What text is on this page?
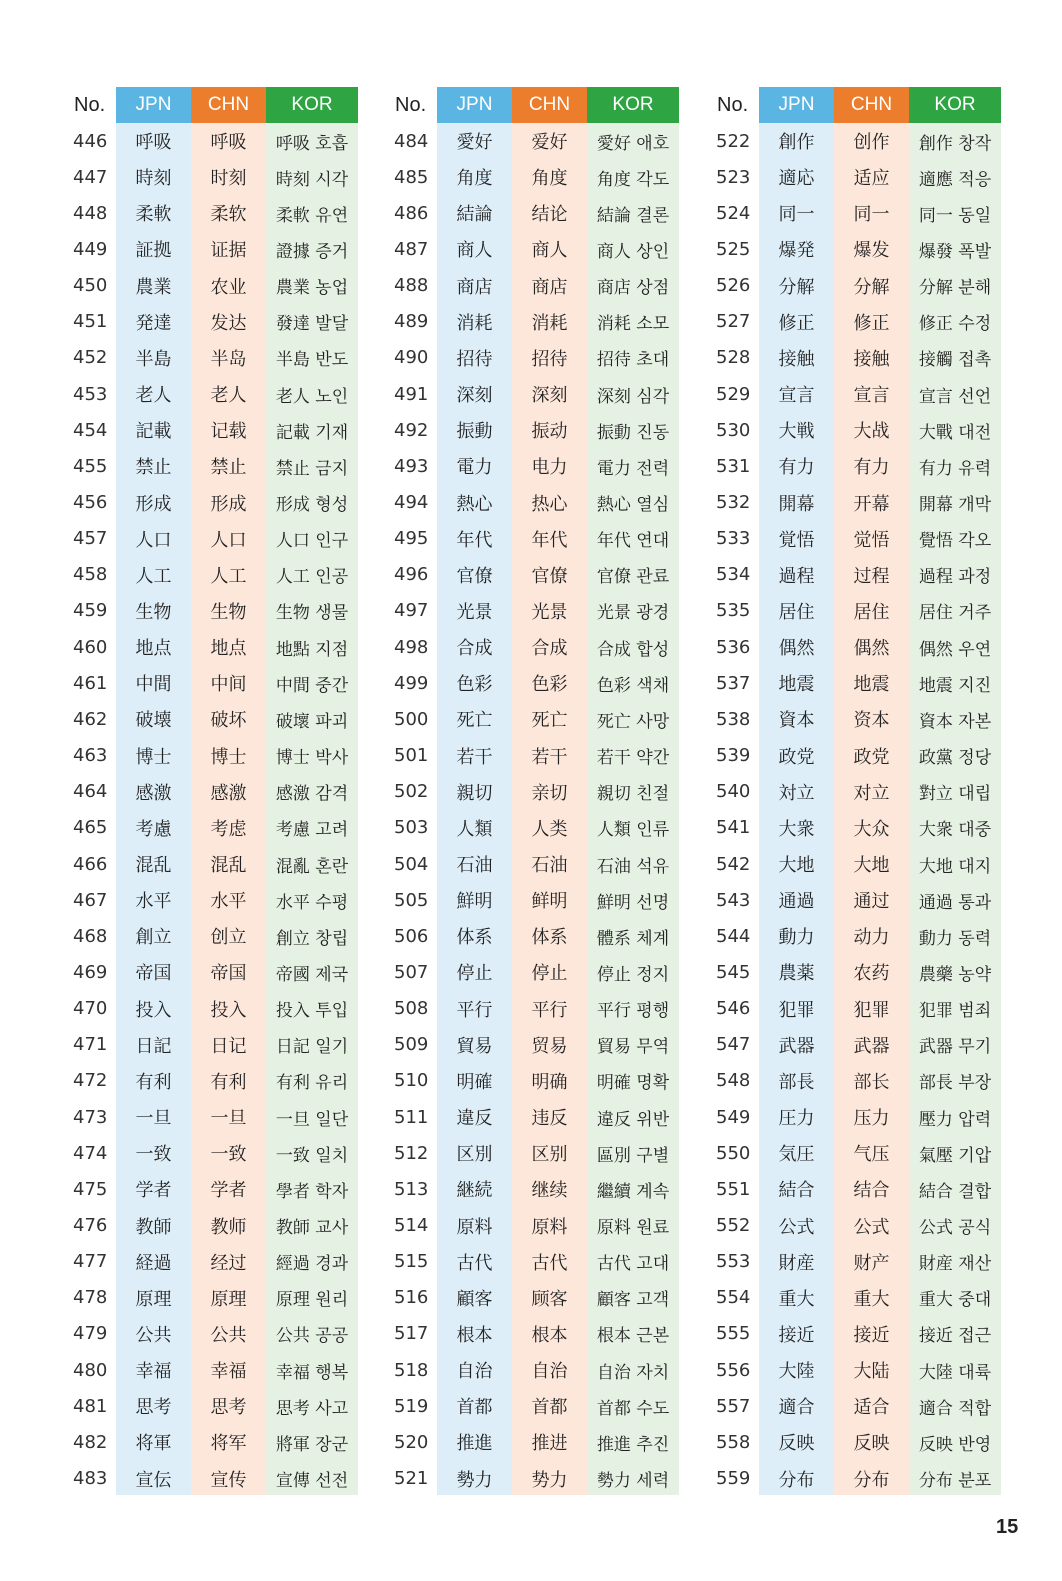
No.	JPN	CHN	KOR
446	呼吸	呼吸	呼吸 호흡
447	時刻	时刻	時刻 시각
448	柔軟	柔软	柔軟 유연
449	証拠	证据	證據 증거
450	農業	农业	農業 농업
451	発達	发达	發達 발달
452	半島	半岛	半島 반도
453	老人	老人	老人 노인
454	記載	记载	記載 기재
455	禁止	禁止	禁止 금지
456	形成	形成	形成 형성
457	人口	人口	人口 인구
458	人工	人工	人工 인공
459	生物	生物	生物 생물
460	地点	地点	地點 지점
461	中間	中间	中間 중간
462	破壊	破坏	破壞 파괴
463	博士	博士	博士 박사
464	感激	感激	感激 감격
465	考慮	考虑	考慮 고려
466	混乱	混乱	混亂 혼란
467	水平	水平	水平 수평
468	創立	创立	創立 창립
469	帝国	帝国	帝國 제국
470	投入	投入	投入 투입
471	日記	日记	日記 일기
472	有利	有利	有利 유리
473	一旦	一旦	一旦 일단
474	一致	一致	一致 일치
475	学者	学者	學者 학자
476	教師	教师	教師 교사
477	経過	经过	經過 경과
478	原理	原理	原理 원리
479	公共	公共	公共 공공
480	幸福	幸福	幸福 행복
481	思考	思考	思考 사고
482	将軍	将军	將軍 장군
483	宣伝	宣传	宣傳 선전
No.	JPN	CHN	KOR
484	愛好	爱好	愛好 애호
485	角度	角度	角度 각도
486	結論	结论	結論 결론
487	商人	商人	商人 상인
488	商店	商店	商店 상점
489	消耗	消耗	消耗 소모
490	招待	招待	招待 초대
491	深刻	深刻	深刻 심각
492	振動	振动	振動 진동
493	電力	电力	電力 전력
494	熱心	热心	熱心 열심
495	年代	年代	年代 연대
496	官僚	官僚	官僚 관료
497	光景	光景	光景 광경
498	合成	合成	合成 합성
499	色彩	色彩	色彩 색채
500	死亡	死亡	死亡 사망
501	若干	若干	若干 약간
502	親切	亲切	親切 친절
503	人類	人类	人類 인류
504	石油	石油	石油 석유
505	鮮明	鲜明	鮮明 선명
506	体系	体系	體系 체계
507	停止	停止	停止 정지
508	平行	平行	平行 평행
509	貿易	贸易	貿易 무역
510	明確	明确	明確 명확
511	違反	违反	違反 위반
512	区別	区别	區別 구별
513	継続	继续	繼續 계속
514	原料	原料	原料 원료
515	古代	古代	古代 고대
516	顧客	顾客	顧客 고객
517	根本	根本	根本 근본
518	自治	自治	自治 자치
519	首都	首都	首都 수도
520	推進	推进	推進 추진
521	勢力	势力	勢力 세력
No.	JPN	CHN	KOR
522	創作	创作	創作 창작
523	適応	适应	適應 적응
524	同一	同一	同一 동일
525	爆発	爆发	爆發 폭발
526	分解	分解	分解 분해
527	修正	修正	修正 수정
528	接触	接触	接觸 접촉
529	宣言	宣言	宣言 선언
530	大戦	大战	大戰 대전
531	有力	有力	有力 유력
532	開幕	开幕	開幕 개막
533	覚悟	觉悟	覺悟 각오
534	過程	过程	過程 과정
535	居住	居住	居住 거주
536	偶然	偶然	偶然 우연
537	地震	地震	地震 지진
538	資本	资本	資本 자본
539	政党	政党	政黨 정당
540	対立	对立	對立 대립
541	大衆	大众	大衆 대중
542	大地	大地	大地 대지
543	通過	通过	通過 통과
544	動力	动力	動力 동력
545	農薬	农药	農藥 농약
546	犯罪	犯罪	犯罪 범죄
547	武器	武器	武器 무기
548	部長	部长	部長 부장
549	圧力	压力	壓力 압력
550	気圧	气压	氣壓 기압
551	結合	结合	結合 결합
552	公式	公式	公式 공식
553	財産	财产	財産 재산
554	重大	重大	重大 중대
555	接近	接近	接近 접근
556	大陸	大陆	大陸 대륙
557	適合	适合	適合 적합
558	反映	反映	反映 반영
559	分布	分布	分布 분포
15
